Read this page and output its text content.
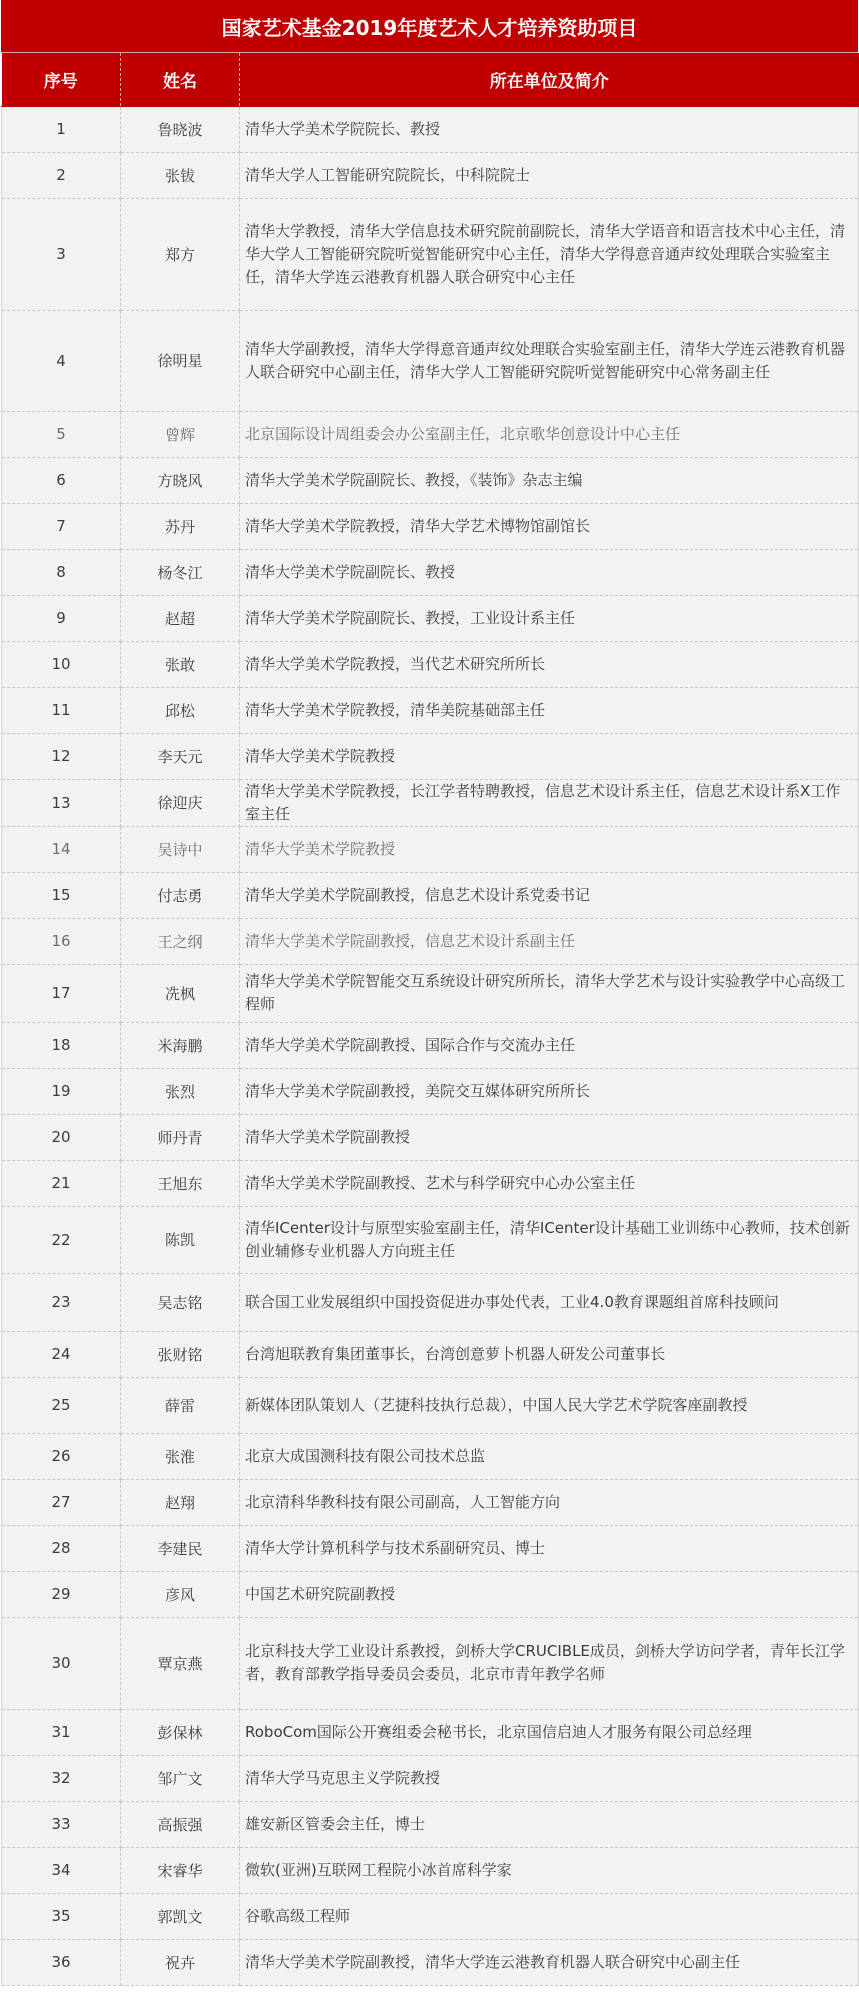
国家艺术基金2019年度艺术人才培养资助项目
序号	姓名	所在单位及简介
1	鲁晓波	清华大学美术学院院长、教授
2	张钹	清华大学人工智能研究院院长，中科院院士
3	郑方	清华大学教授，清华大学信息技术研究院前副院长，清华大学语音和语言技术中心主任，清华大学人工智能研究院听觉智能研究中心主任，清华大学得意音通声纹处理联合实验室主任，清华大学连云港教育机器人联合研究中心主任
4	徐明星	清华大学副教授，清华大学得意音通声纹处理联合实验室副主任，清华大学连云港教育机器人联合研究中心副主任，清华大学人工智能研究院听觉智能研究中心常务副主任
5	曾辉	北京国际设计周组委会办公室副主任，北京歌华创意设计中心主任
6	方晓风	清华大学美术学院副院长、教授，《装饰》杂志主编
7	苏丹	清华大学美术学院教授，清华大学艺术博物馆副馆长
8	杨冬江	清华大学美术学院副院长、教授
9	赵超	清华大学美术学院副院长、教授，工业设计系主任
10	张敢	清华大学美术学院教授，当代艺术研究所所长
11	邱松	清华大学美术学院教授，清华美院基础部主任
12	李天元	清华大学美术学院教授
13	徐迎庆	清华大学美术学院教授，长江学者特聘教授，信息艺术设计系主任，信息艺术设计系X工作室主任
14	吴诗中	清华大学美术学院教授
15	付志勇	清华大学美术学院副教授，信息艺术设计系党委书记
16	王之纲	清华大学美术学院副教授，信息艺术设计系副主任
17	冼枫	清华大学美术学院智能交互系统设计研究所所长，清华大学艺术与设计实验教学中心高级工程师
18	米海鹏	清华大学美术学院副教授、国际合作与交流办主任
19	张烈	清华大学美术学院副教授，美院交互媒体研究所所长
20	师丹青	清华大学美术学院副教授
21	王旭东	清华大学美术学院副教授、艺术与科学研究中心办公室主任
22	陈凯	清华ICenter设计与原型实验室副主任，清华ICenter设计基础工业训练中心教师，技术创新创业辅修专业机器人方向班主任
23	吴志铭	联合国工业发展组织中国投资促进办事处代表，工业4.0教育课题组首席科技顾问
24	张财铭	台湾旭联教育集团董事长，台湾创意萝卜机器人研发公司董事长
25	薛雷	新媒体团队策划人（艺捷科技执行总裁），中国人民大学艺术学院客座副教授
26	张淮	北京大成国测科技有限公司技术总监
27	赵翔	北京清科华教科技有限公司副高，人工智能方向
28	李建民	清华大学计算机科学与技术系副研究员、博士
29	彦风	中国艺术研究院副教授
30	覃京燕	北京科技大学工业设计系教授，剑桥大学CRUCIBLE成员，剑桥大学访问学者，青年长江学者，教育部教学指导委员会委员，北京市青年教学名师
31	彭保林	RoboCom国际公开赛组委会秘书长，北京国信启迪人才服务有限公司总经理
32	邹广文	清华大学马克思主义学院教授
33	高振强	雄安新区管委会主任，博士
34	宋睿华	微软(亚洲)互联网工程院小冰首席科学家
35	郭凯文	谷歌高级工程师
36	祝卉	清华大学美术学院副教授，清华大学连云港教育机器人联合研究中心副主任
